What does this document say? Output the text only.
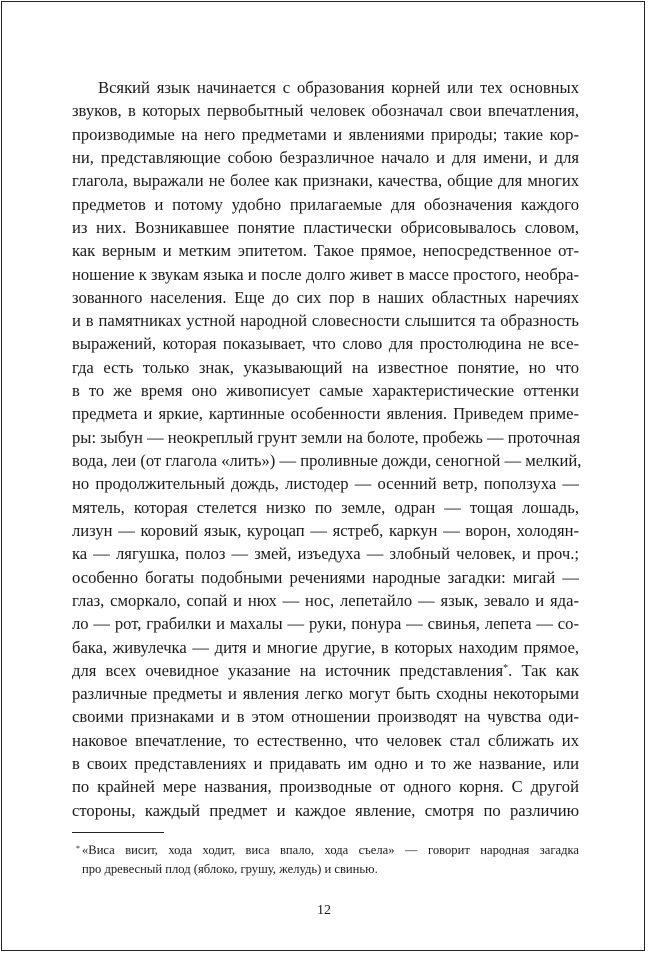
Всякий язык начинается с образования корней или тех основных
звуков, в которых первобытный человек обозначал свои впечатления,
производимые на него предметами и явлениями природы; такие кор-
ни, представляющие собою безразличное начало и для имени, и для
глагола, выражали не более как признаки, качества, общие для многих
предметов и потому удобно прилагаемые для обозначения каждого
из них. Возникавшее понятие пластически обрисовывалось словом,
как верным и метким эпитетом. Такое прямое, непосредственное от-
ношение к звукам языка и после долго живет в массе простого, необра-
зованного населения. Еще до сих пор в наших областных наречиях
и в памятниках устной народной словесности слышится та образность
выражений, которая показывает, что слово для простолюдина не все-
гда есть только знак, указывающий на известное понятие, но что
в то же время оно живописует самые характеристические оттенки
предмета и яркие, картинные особенности явления. Приведем приме-
ры: зыбун — неокреплый грунт земли на болоте, пробежь — проточная
вода, леи (от глагола «лить») — проливные дожди, сеногной — мелкий,
но продолжительный дождь, листодер — осенний ветр, поползуха —
мятель, которая стелется низко по земле, одран — тощая лошадь,
лизун — коровий язык, куроцап — ястреб, каркун — ворон, холодян-
ка — лягушка, полоз — змей, изъедуха — злобный человек, и проч.;
особенно богаты подобными речениями народные загадки: мигай —
глаз, сморкало, сопай и нюх — нос, лепетайло — язык, зевало и ядa-
ло — рот, грабилки и махалы — руки, понура — свинья, лепета — со-
бака, живулечка — дитя и многие другие, в которых находим прямое,
для всех очевидное указание на источник представления*. Так как
различные предметы и явления легко могут быть сходны некоторыми
своими признаками и в этом отношении производят на чувства оди-
наковое впечатление, то естественно, что человек стал сближать их
в своих представлениях и придавать им одно и то же название, или
по крайней мере названия, производные от одного корня. С другой
стороны, каждый предмет и каждое явление, смотря по различию
* «Виса висит, хода ходит, виса впало, хода съела» — говорит народная загадка
про древесный плод (яблоко, грушу, желудь) и свинью.
12
